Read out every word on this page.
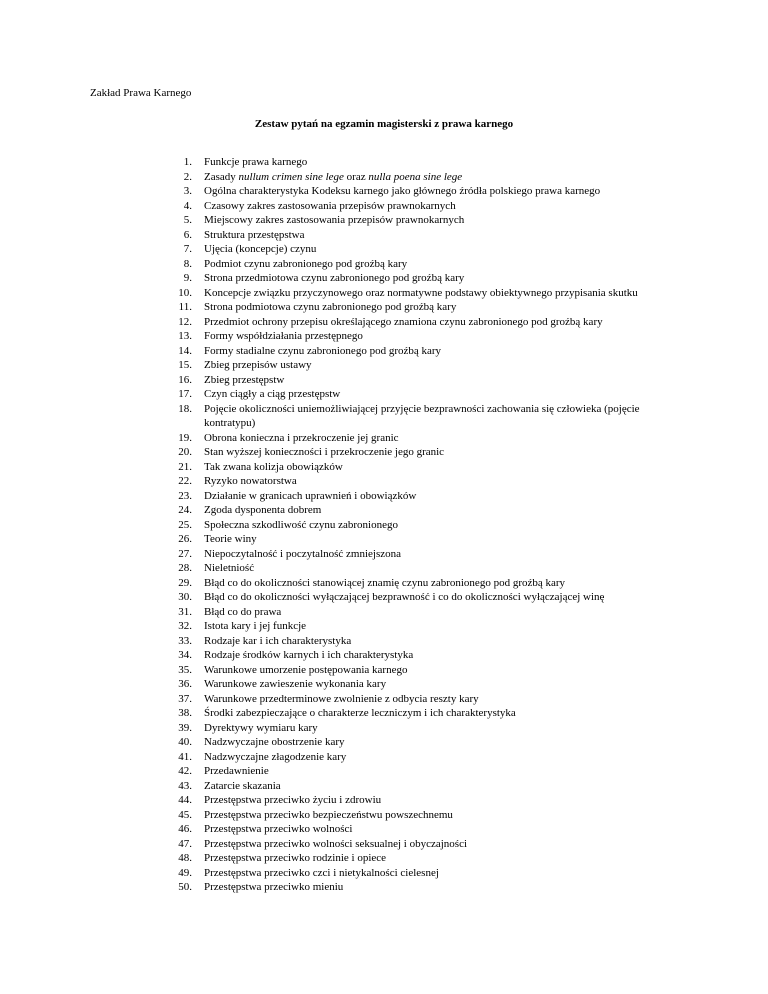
Zakład Prawa Karnego
Zestaw pytań na egzamin magisterski z prawa karnego
1. Funkcje prawa karnego
2. Zasady nullum crimen sine lege oraz nulla poena sine lege
3. Ogólna charakterystyka Kodeksu karnego jako głównego źródła polskiego prawa karnego
4. Czasowy zakres zastosowania przepisów prawnokarnych
5. Miejscowy zakres zastosowania przepisów prawnokarnych
6. Struktura przestępstwa
7. Ujęcia (koncepcje) czynu
8. Podmiot czynu zabronionego pod groźbą kary
9. Strona przedmiotowa czynu zabronionego pod groźbą kary
10. Koncepcje związku przyczynowego oraz normatywne podstawy obiektywnego przypisania skutku
11. Strona podmiotowa czynu zabronionego pod groźbą kary
12. Przedmiot ochrony przepisu określającego znamiona czynu zabronionego pod groźbą kary
13. Formy współdziałania przestępnego
14. Formy stadialne czynu zabronionego pod groźbą kary
15. Zbieg przepisów ustawy
16. Zbieg przestępstw
17. Czyn ciągły a ciąg przestępstw
18. Pojęcie okoliczności uniemożliwiającej przyjęcie bezprawności zachowania się człowieka (pojęcie kontratypu)
19. Obrona konieczna i przekroczenie jej granic
20. Stan wyższej konieczności i przekroczenie jego granic
21. Tak zwana kolizja obowiązków
22. Ryzyko nowatorstwa
23. Działanie w granicach uprawnień i obowiązków
24. Zgoda dysponenta dobrem
25. Społeczna szkodliwość czynu zabronionego
26. Teorie winy
27. Niepoczytalność i poczytalność zmniejszona
28. Nieletniość
29. Błąd co do okoliczności stanowiącej znamię czynu zabronionego pod groźbą kary
30. Błąd co do okoliczności wyłączającej bezprawność i co do okoliczności wyłączającej winę
31. Błąd co do prawa
32. Istota kary i jej funkcje
33. Rodzaje kar i ich charakterystyka
34. Rodzaje środków karnych i ich charakterystyka
35. Warunkowe umorzenie postępowania karnego
36. Warunkowe zawieszenie wykonania kary
37. Warunkowe przedterminowe zwolnienie z odbycia reszty kary
38. Środki zabezpieczające o charakterze leczniczym i ich charakterystyka
39. Dyrektywy wymiaru kary
40. Nadzwyczajne obostrzenie kary
41. Nadzwyczajne złagodzenie kary
42. Przedawnienie
43. Zatarcie skazania
44. Przestępstwa przeciwko życiu i zdrowiu
45. Przestępstwa przeciwko bezpieczeństwu powszechnemu
46. Przestępstwa przeciwko wolności
47. Przestępstwa przeciwko wolności seksualnej i obyczajności
48. Przestępstwa przeciwko rodzinie i opiece
49. Przestępstwa przeciwko czci i nietykalności cielesnej
50. Przestępstwa przeciwko mieniu
